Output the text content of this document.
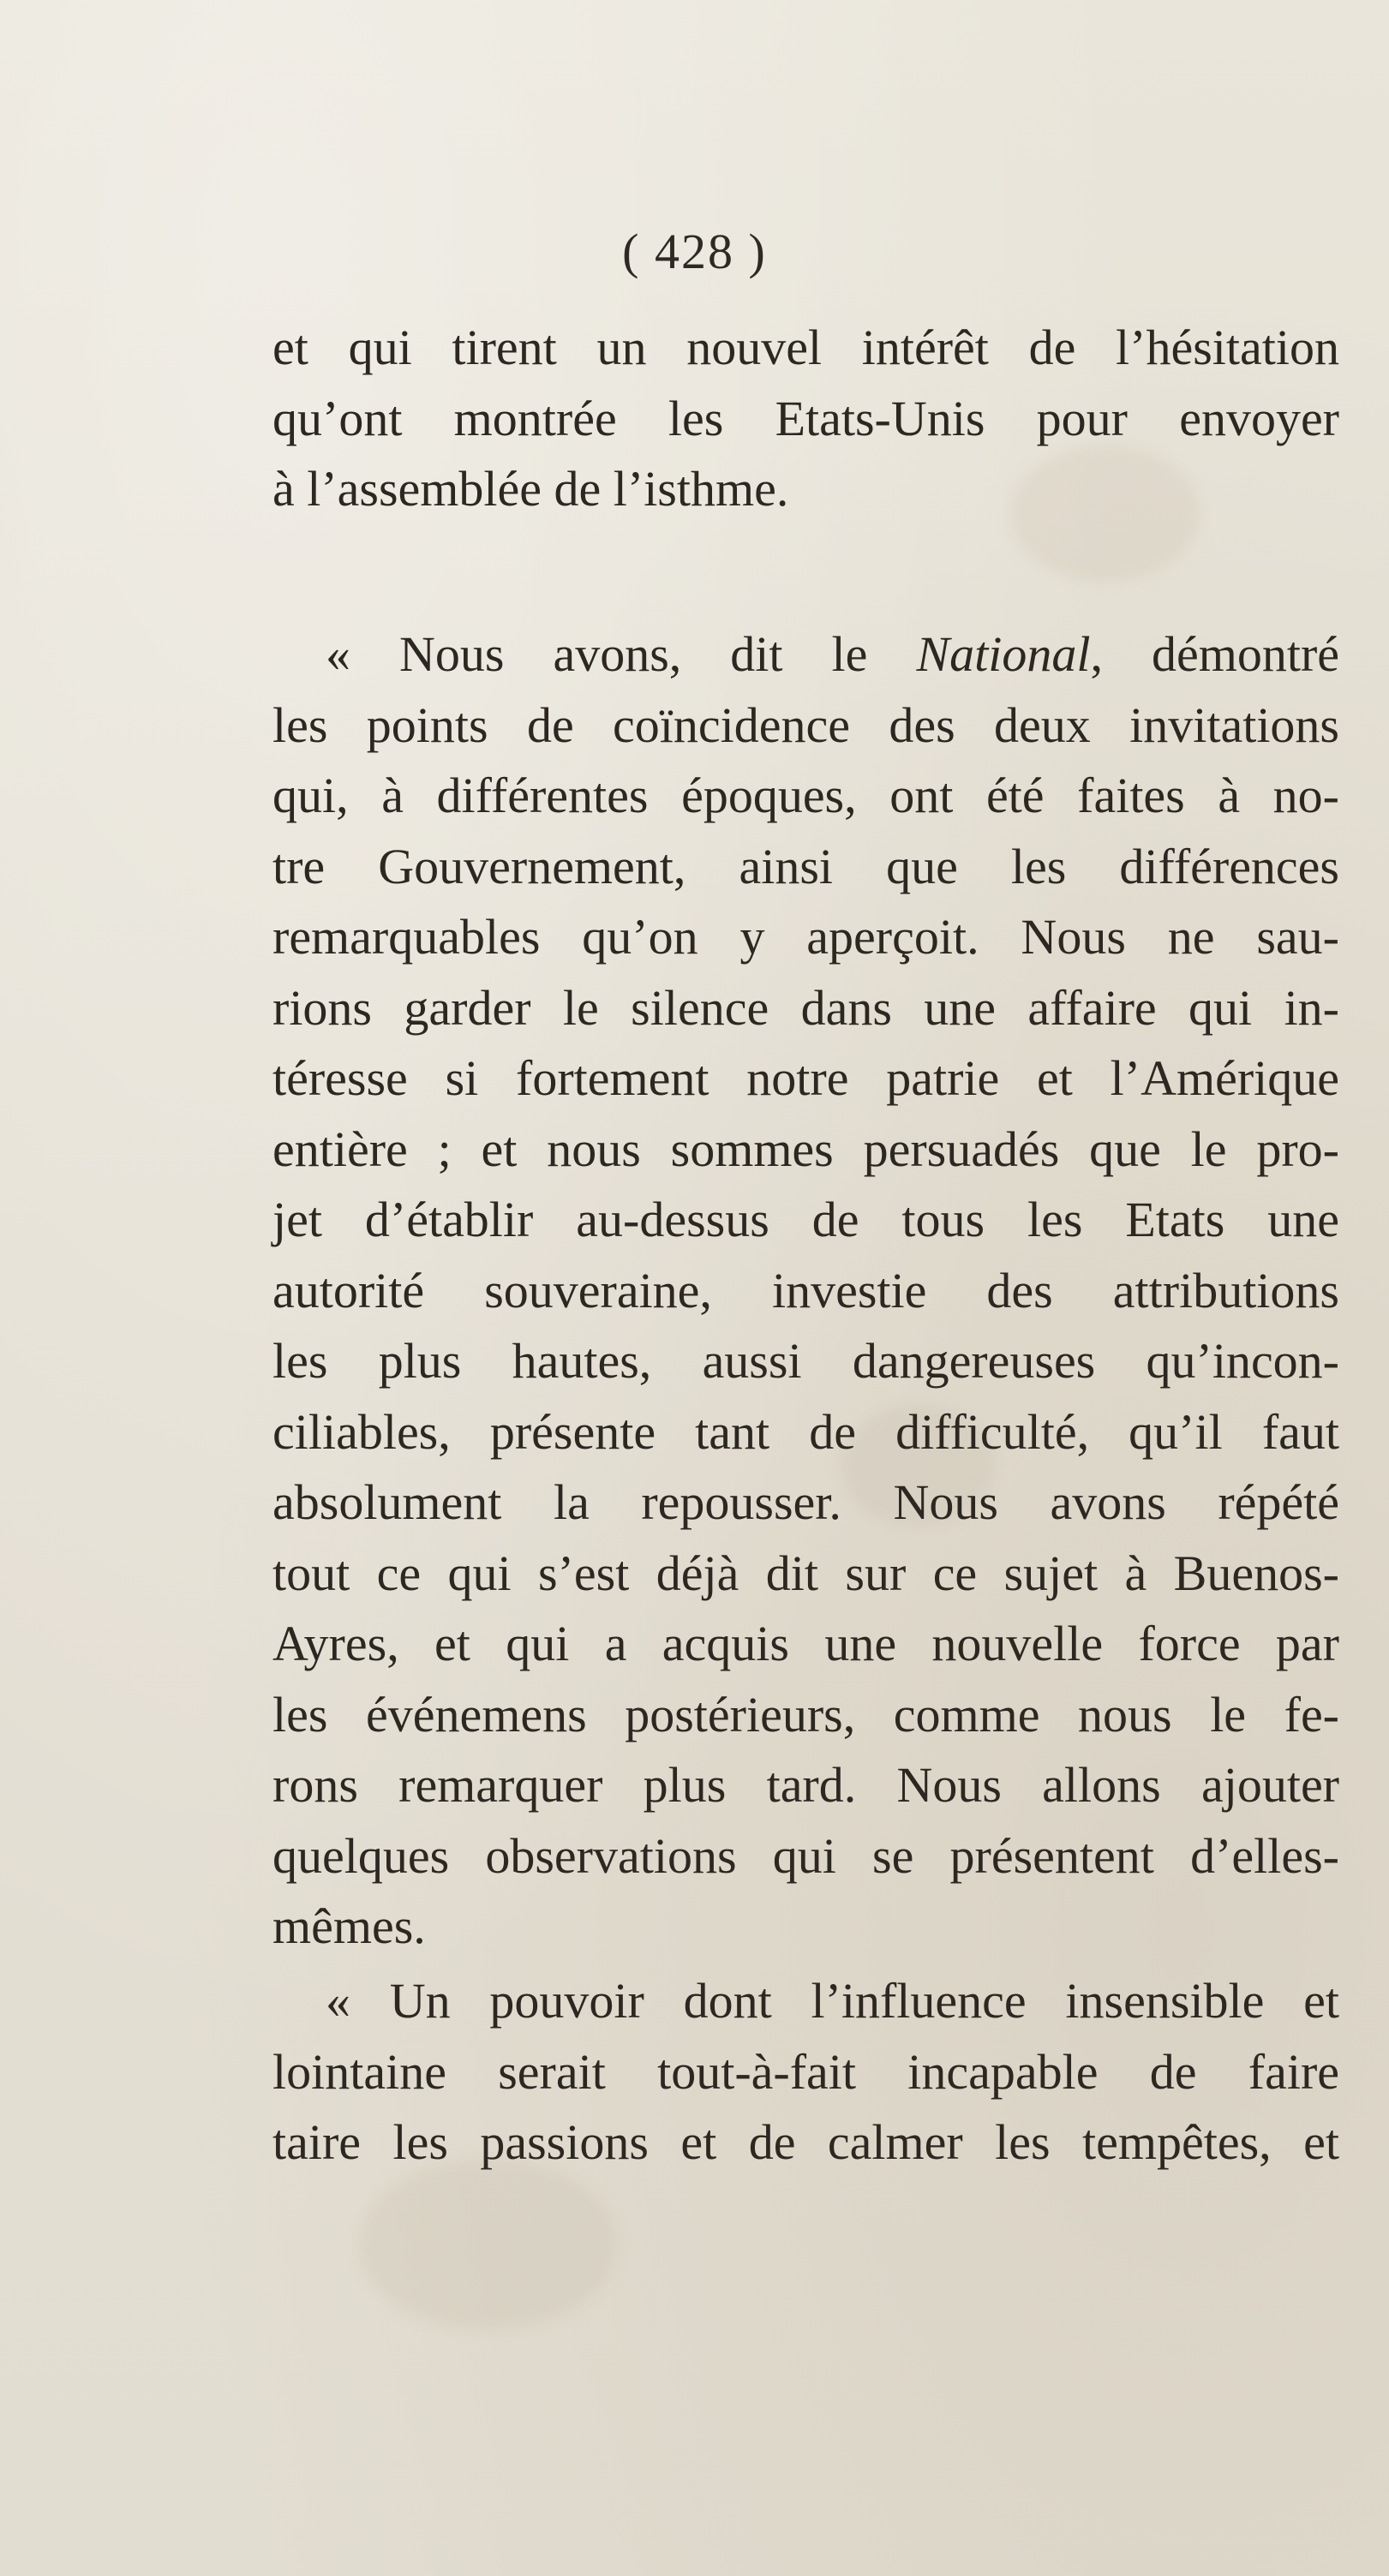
( 428 )
et qui tirent un nouvel intérêt de l’hésitation
qu’ont montrée les Etats-Unis pour envoyer
à l’assemblée de l’isthme.
« Nous avons, dit le National, démontré
les points de coïncidence des deux invitations
qui, à différentes époques, ont été faites à no-
tre Gouvernement, ainsi que les différences
remarquables qu’on y aperçoit. Nous ne sau-
rions garder le silence dans une affaire qui in-
téresse si fortement notre patrie et l’Amérique
entière ; et nous sommes persuadés que le pro-
jet d’établir au-dessus de tous les Etats une
autorité souveraine, investie des attributions
les plus hautes, aussi dangereuses qu’incon-
ciliables, présente tant de difficulté, qu’il faut
absolument la repousser. Nous avons répété
tout ce qui s’est déjà dit sur ce sujet à Buenos-
Ayres, et qui a acquis une nouvelle force par
les événemens postérieurs, comme nous le fe-
rons remarquer plus tard. Nous allons ajouter
quelques observations qui se présentent d’elles-
mêmes.
« Un pouvoir dont l’influence insensible et
lointaine serait tout-à-fait incapable de faire
taire les passions et de calmer les tempêtes, et
